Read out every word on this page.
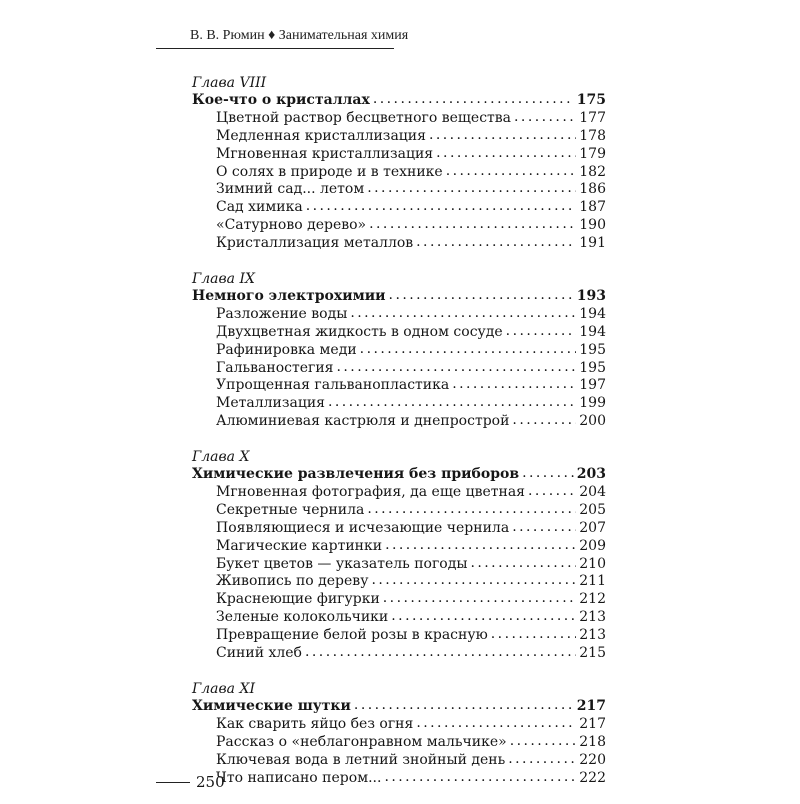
В. В. Рюмин ♦ Занимательная химия
Глава VIII
Кое-что о кристаллах . . .	175
Цветной раствор бесцветного вещества . . .	177
Медленная кристаллизация . . .	178
Мгновенная кристаллизация . . .	179
О солях в природе и в технике . . .	182
Зимний сад... летом . . .	186
Сад химика . . .	187
«Сатурново дерево» . . .	190
Кристаллизация металлов . . .	191
Глава IX
Немного электрохимии . . .	193
Разложение воды . . .	194
Двухцветная жидкость в одном сосуде . . .	194
Рафинировка меди . . .	195
Гальваностегия . . .	195
Упрощенная гальванопластика . . .	197
Металлизация . . .	199
Алюминиевая кастрюля и днепрострой . . .	200
Глава X
Химические развлечения без приборов . . .	203
Мгновенная фотография, да еще цветная . . .	204
Секретные чернила . . .	205
Появляющиеся и исчезающие чернила . . .	207
Магические картинки . . .	209
Букет цветов — указатель погоды . . .	210
Живопись по дереву . . .	211
Краснеющие фигурки . . .	212
Зеленые колокольчики . . .	213
Превращение белой розы в красную . . .	213
Синий хлеб . . .	215
Глава XI
Химические шутки . . .	217
Как сварить яйцо без огня . . .	217
Рассказ о «неблагонравном мальчике» . . .	218
Ключевая вода в летний знойный день . . .	220
Что написано пером... . . .	222
250
